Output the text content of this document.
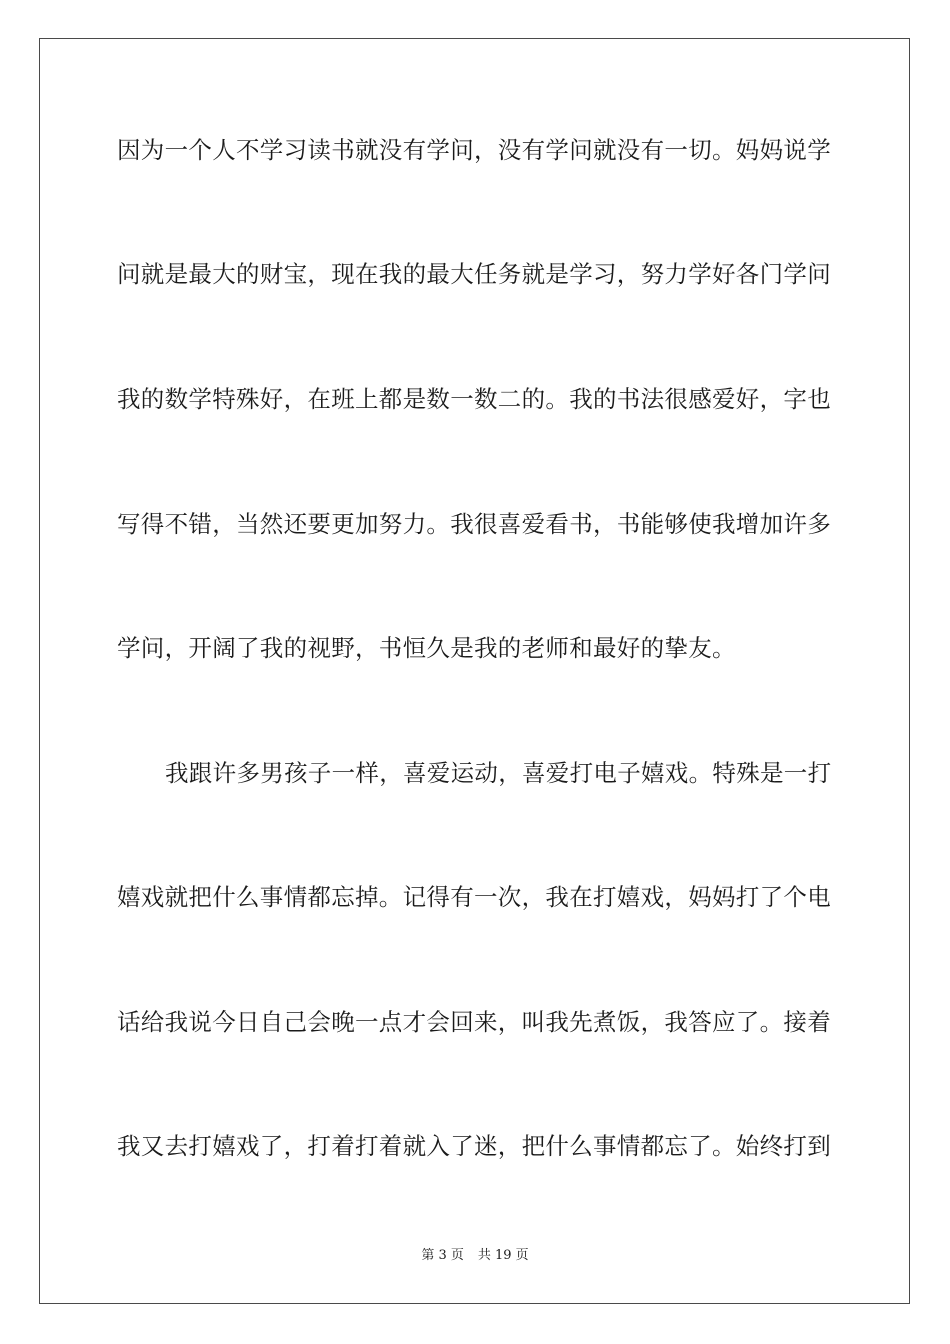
因为一个人不学习读书就没有学问，没有学问就没有一切。妈妈说学
问就是最大的财宝，现在我的最大任务就是学习，努力学好各门学问
我的数学特殊好，在班上都是数一数二的。我的书法很感爱好，字也
写得不错，当然还要更加努力。我很喜爱看书，书能够使我增加许多
学问，开阔了我的视野，书恒久是我的老师和最好的挚友。
我跟许多男孩子一样，喜爱运动，喜爱打电子嬉戏。特殊是一打
嬉戏就把什么事情都忘掉。记得有一次，我在打嬉戏，妈妈打了个电
话给我说今日自己会晚一点才会回来，叫我先煮饭，我答应了。接着
我又去打嬉戏了，打着打着就入了迷，把什么事情都忘了。始终打到
第 3 页 共 19 页
